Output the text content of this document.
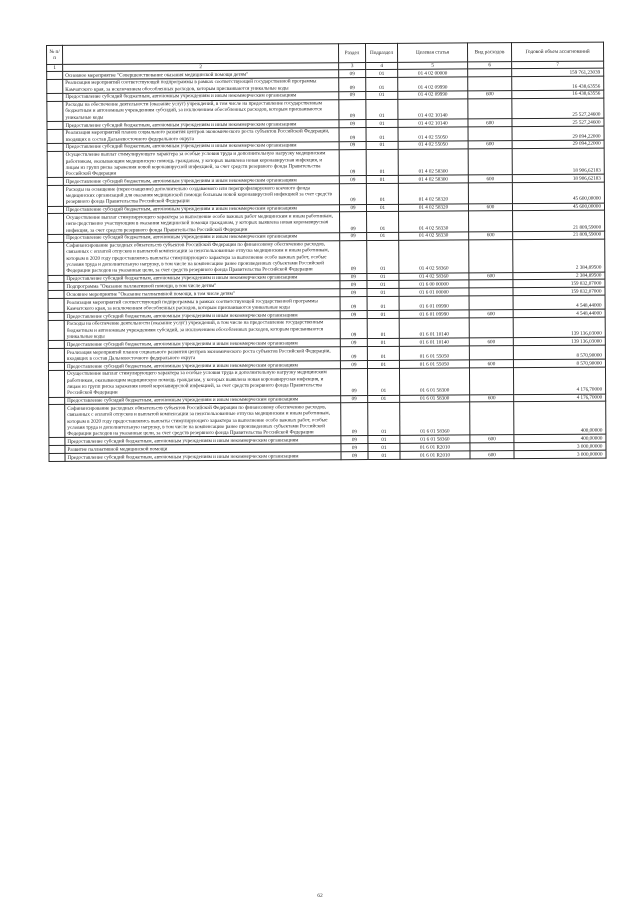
№ п/п		Раздел	Подраздел	Целевая статья	Вид расходов	Годовой объем ассигнований
1	2	3	4	5	6	7
	Основное мероприятие "Совершенствование оказания медицинской помощи детям"	09	01	01 4 02 00000		159 761,23039
	Реализация мероприятий соответствующей подпрограммы в рамках соответствующей государственной программы Камчатского края, за исключением обособленных расходов, которым присваиваются уникальные коды	09	01	01 4 02 09990		16 438,63556
	Предоставление субсидий бюджетным, автономным учреждениям и иным некоммерческим организациям	09	01	01 4 02 09990	600	16 438,63556
	Расходы на обеспечение деятельности (оказание услуг) учреждений, в том числе на предоставление государственным бюджетным и автономным учреждениям субсидий, за исключением обособленных расходов, которым присваиваются уникальные коды	09	01	01 4 02 10140		25 527,24600
	Предоставление субсидий бюджетным, автономным учреждениям и иным некоммерческим организациям	09	01	01 4 02 10140	600	25 527,24600
	Реализация мероприятий планов социального развития центров экономического роста субъектов Российской Федерации, входящих в состав Дальневосточного федерального округа	09	01	01 4 02 55050		29 094,22000
	Предоставление субсидий бюджетным, автономным учреждениям и иным некоммерческим организациям	09	01	01 4 02 55050	600	29 094,22000
	Осуществление выплат стимулирующего характера за особые условия труда и дополнительную нагрузку медицинским работникам, оказывающим медицинскую помощь гражданам, у которых выявлена новая коронавирусная инфекция, и лицам из групп риска заражения новой коронавирусной инфекцией, за счет средств резервного фонда Правительства Российской Федерации	09	01	01 4 02 58300		18 906,62183
	Предоставление субсидий бюджетным, автономным учреждениям и иным некоммерческим организациям	09	01	01 4 02 58300	600	18 906,62183
	Расходы на оснащение (переоснащение) дополнительно создаваемого или перепрофилируемого коечного фонда медицинских организаций для оказания медицинской помощи больным новой коронавирусной инфекцией за счет средств резервного фонда Правительства Российской Федерации	09	01	01 4 02 58320		45 600,00000
	Предоставление субсидий бюджетным, автономным учреждениям и иным некоммерческим организациям	09	01	01 4 02 58320	600	45 600,00000
	Осуществление выплат стимулирующего характера за выполнение особо важных работ медицинским и иным работникам, непосредственно участвующим в оказании медицинской помощи гражданам, у которых выявлена новая коронавирусная инфекция, за счет средств резервного фонда Правительства Российской Федерации	09	01	01 4 02 58330		21 809,59000
	Предоставление субсидий бюджетным, автономным учреждениям и иным некоммерческим организациям	09	01	01 4 02 58330	600	21 809,59000
	Софинансирование расходных обязательств субъектов Российской Федерации по финансовому обеспечению расходов, связанных с оплатой отпусков и выплатой компенсации за неиспользованные отпуска медицинским и иным работникам, которым в 2020 году предоставлялись выплаты стимулирующего характера за выполнение особо важных работ, особые условия труда и дополнительную нагрузку, в том числе на компенсацию ранее произведенных субъектами Российской Федерации расходов на указанные цели, за счет средств резервного фонда Правительства Российской Федерации	09	01	01 4 02 58360		2 384,89500
	Предоставление субсидий бюджетным, автономным учреждениям и иным некоммерческим организациям	09	01	01 4 02 58360	600	2 384,89500
	Подпрограмма "Оказание паллиативной помощи, в том числе детям"	09	01	01 6 00 00000		159 832,07000
	Основное мероприятие "Оказание паллиативной помощи, в том числе детям"	09	01	01 6 01 00000		159 832,07000
	Реализация мероприятий соответствующей подпрограммы в рамках соответствующей государственной программы Камчатского края, за исключением обособленных расходов, которым присваиваются уникальные коды	09	01	01 6 01 09990		4 548,44000
	Предоставление субсидий бюджетным, автономным учреждениям и иным некоммерческим организациям	09	01	01 6 01 09990	600	4 548,44000
	Расходы на обеспечение деятельности (оказание услуг) учреждений, в том числе на предоставление государственным бюджетным и автономным учреждениям субсидий, за исключением обособленных расходов, которым присваиваются уникальные коды	09	01	01 6 01 10140		139 136,03000
	Предоставление субсидий бюджетным, автономным учреждениям и иным некоммерческим организациям	09	01	01 6 01 10140	600	139 136,03000
	Реализация мероприятий планов социального развития центров экономического роста субъектов Российской Федерации, входящих в состав Дальневосточного федерального округа	09	01	01 6 01 55050		8 570,90000
	Предоставление субсидий бюджетным, автономным учреждениям и иным некоммерческим организациям	09	01	01 6 01 55050	600	8 570,90000
	Осуществление выплат стимулирующего характера за особые условия труда и дополнительную нагрузку медицинским работникам, оказывающим медицинскую помощь гражданам, у которых выявлена новая коронавирусная инфекция, и лицам из групп риска заражения новой коронавирусной инфекцией, за счет средств резервного фонда Правительства Российской Федерации	09	01	01 6 01 58300		4 176,70000
	Предоставление субсидий бюджетным, автономным учреждениям и иным некоммерческим организациям	09	01	01 6 01 58300	600	4 176,70000
	Софинансирование расходных обязательств субъектов Российской Федерации по финансовому обеспечению расходов, связанных с оплатой отпусков и выплатой компенсации за неиспользованные отпуска медицинским и иным работникам, которым в 2020 году предоставлялись выплаты стимулирующего характера за выполнение особо важных работ, особые условия труда и дополнительную нагрузку, в том числе на компенсацию ранее произведенных субъектами Российской Федерации расходов на указанные цели, за счет средств резервного фонда Правительства Российской Федерации	09	01	01 6 01 58360		400,00000
	Предоставление субсидий бюджетным, автономным учреждениям и иным некоммерческим организациям	09	01	01 6 01 58360	600	400,00000
	Развитие паллиативной медицинской помощи	09	01	01 6 01 R2010		3 000,00000
	Предоставление субсидий бюджетным, автономным учреждениям и иным некоммерческим организациям	09	01	01 6 01 R2010	600	3 000,00000
62
